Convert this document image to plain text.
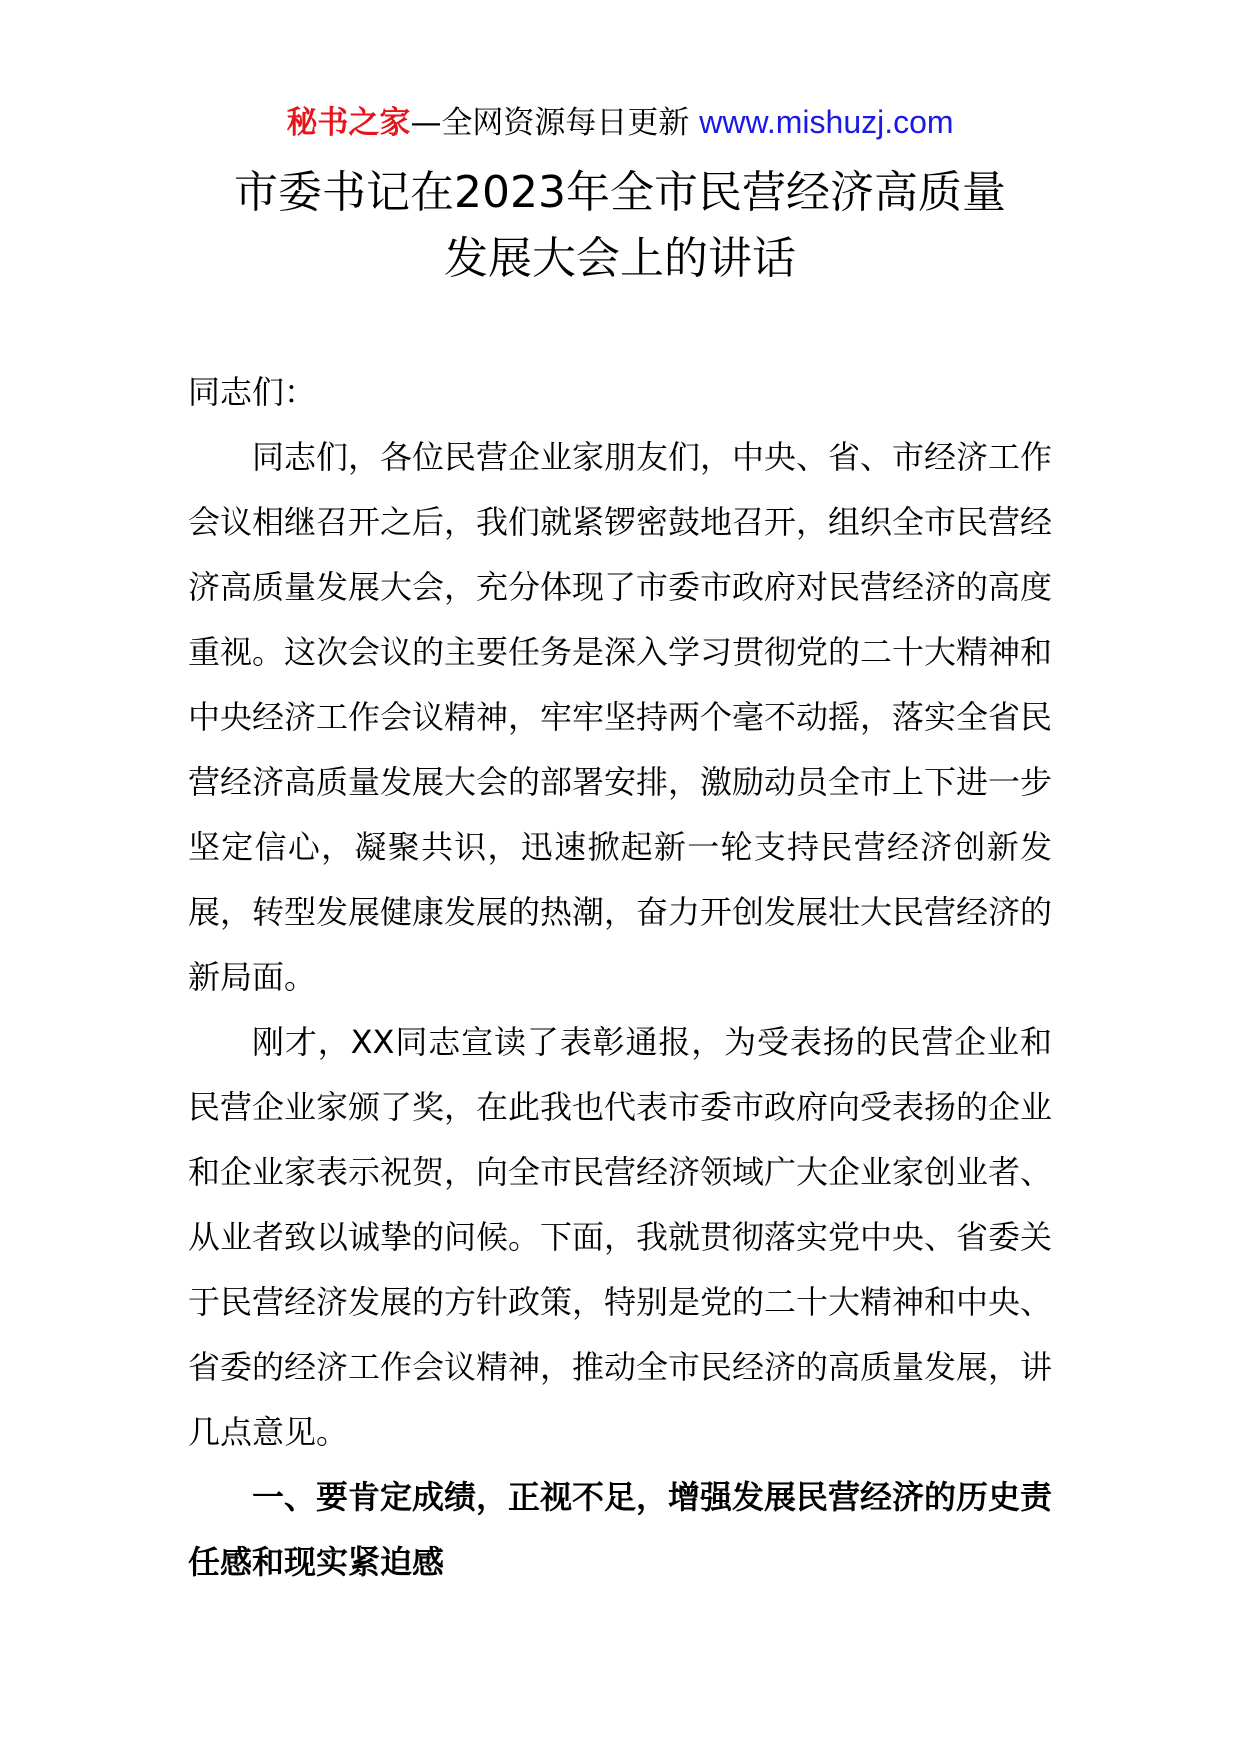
秘书之家—全网资源每日更新 www.mishuzj.com
市委书记在2023年全市民营经济高质量
发展大会上的讲话

同志们：

同志们，各位民营企业家朋友们，中央、省、市经济工作会议相继召开之后，我们就紧锣密鼓地召开，组织全市民营经济高质量发展大会，充分体现了市委市政府对民营经济的高度重视。这次会议的主要任务是深入学习贯彻党的二十大精神和中央经济工作会议精神，牢牢坚持两个毫不动摇，落实全省民营经济高质量发展大会的部署安排，激励动员全市上下进一步坚定信心，凝聚共识，迅速掀起新一轮支持民营经济创新发展，转型发展健康发展的热潮，奋力开创发展壮大民营经济的新局面。

刚才，XX同志宣读了表彰通报，为受表扬的民营企业和民营企业家颁了奖，在此我也代表市委市政府向受表扬的企业和企业家表示祝贺，向全市民营经济领域广大企业家创业者、从业者致以诚挚的问候。下面，我就贯彻落实党中央、省委关于民营经济发展的方针政策，特别是党的二十大精神和中央、省委的经济工作会议精神，推动全市民经济的高质量发展，讲几点意见。

一、要肯定成绩，正视不足，增强发展民营经济的历史责任感和现实紧迫感
